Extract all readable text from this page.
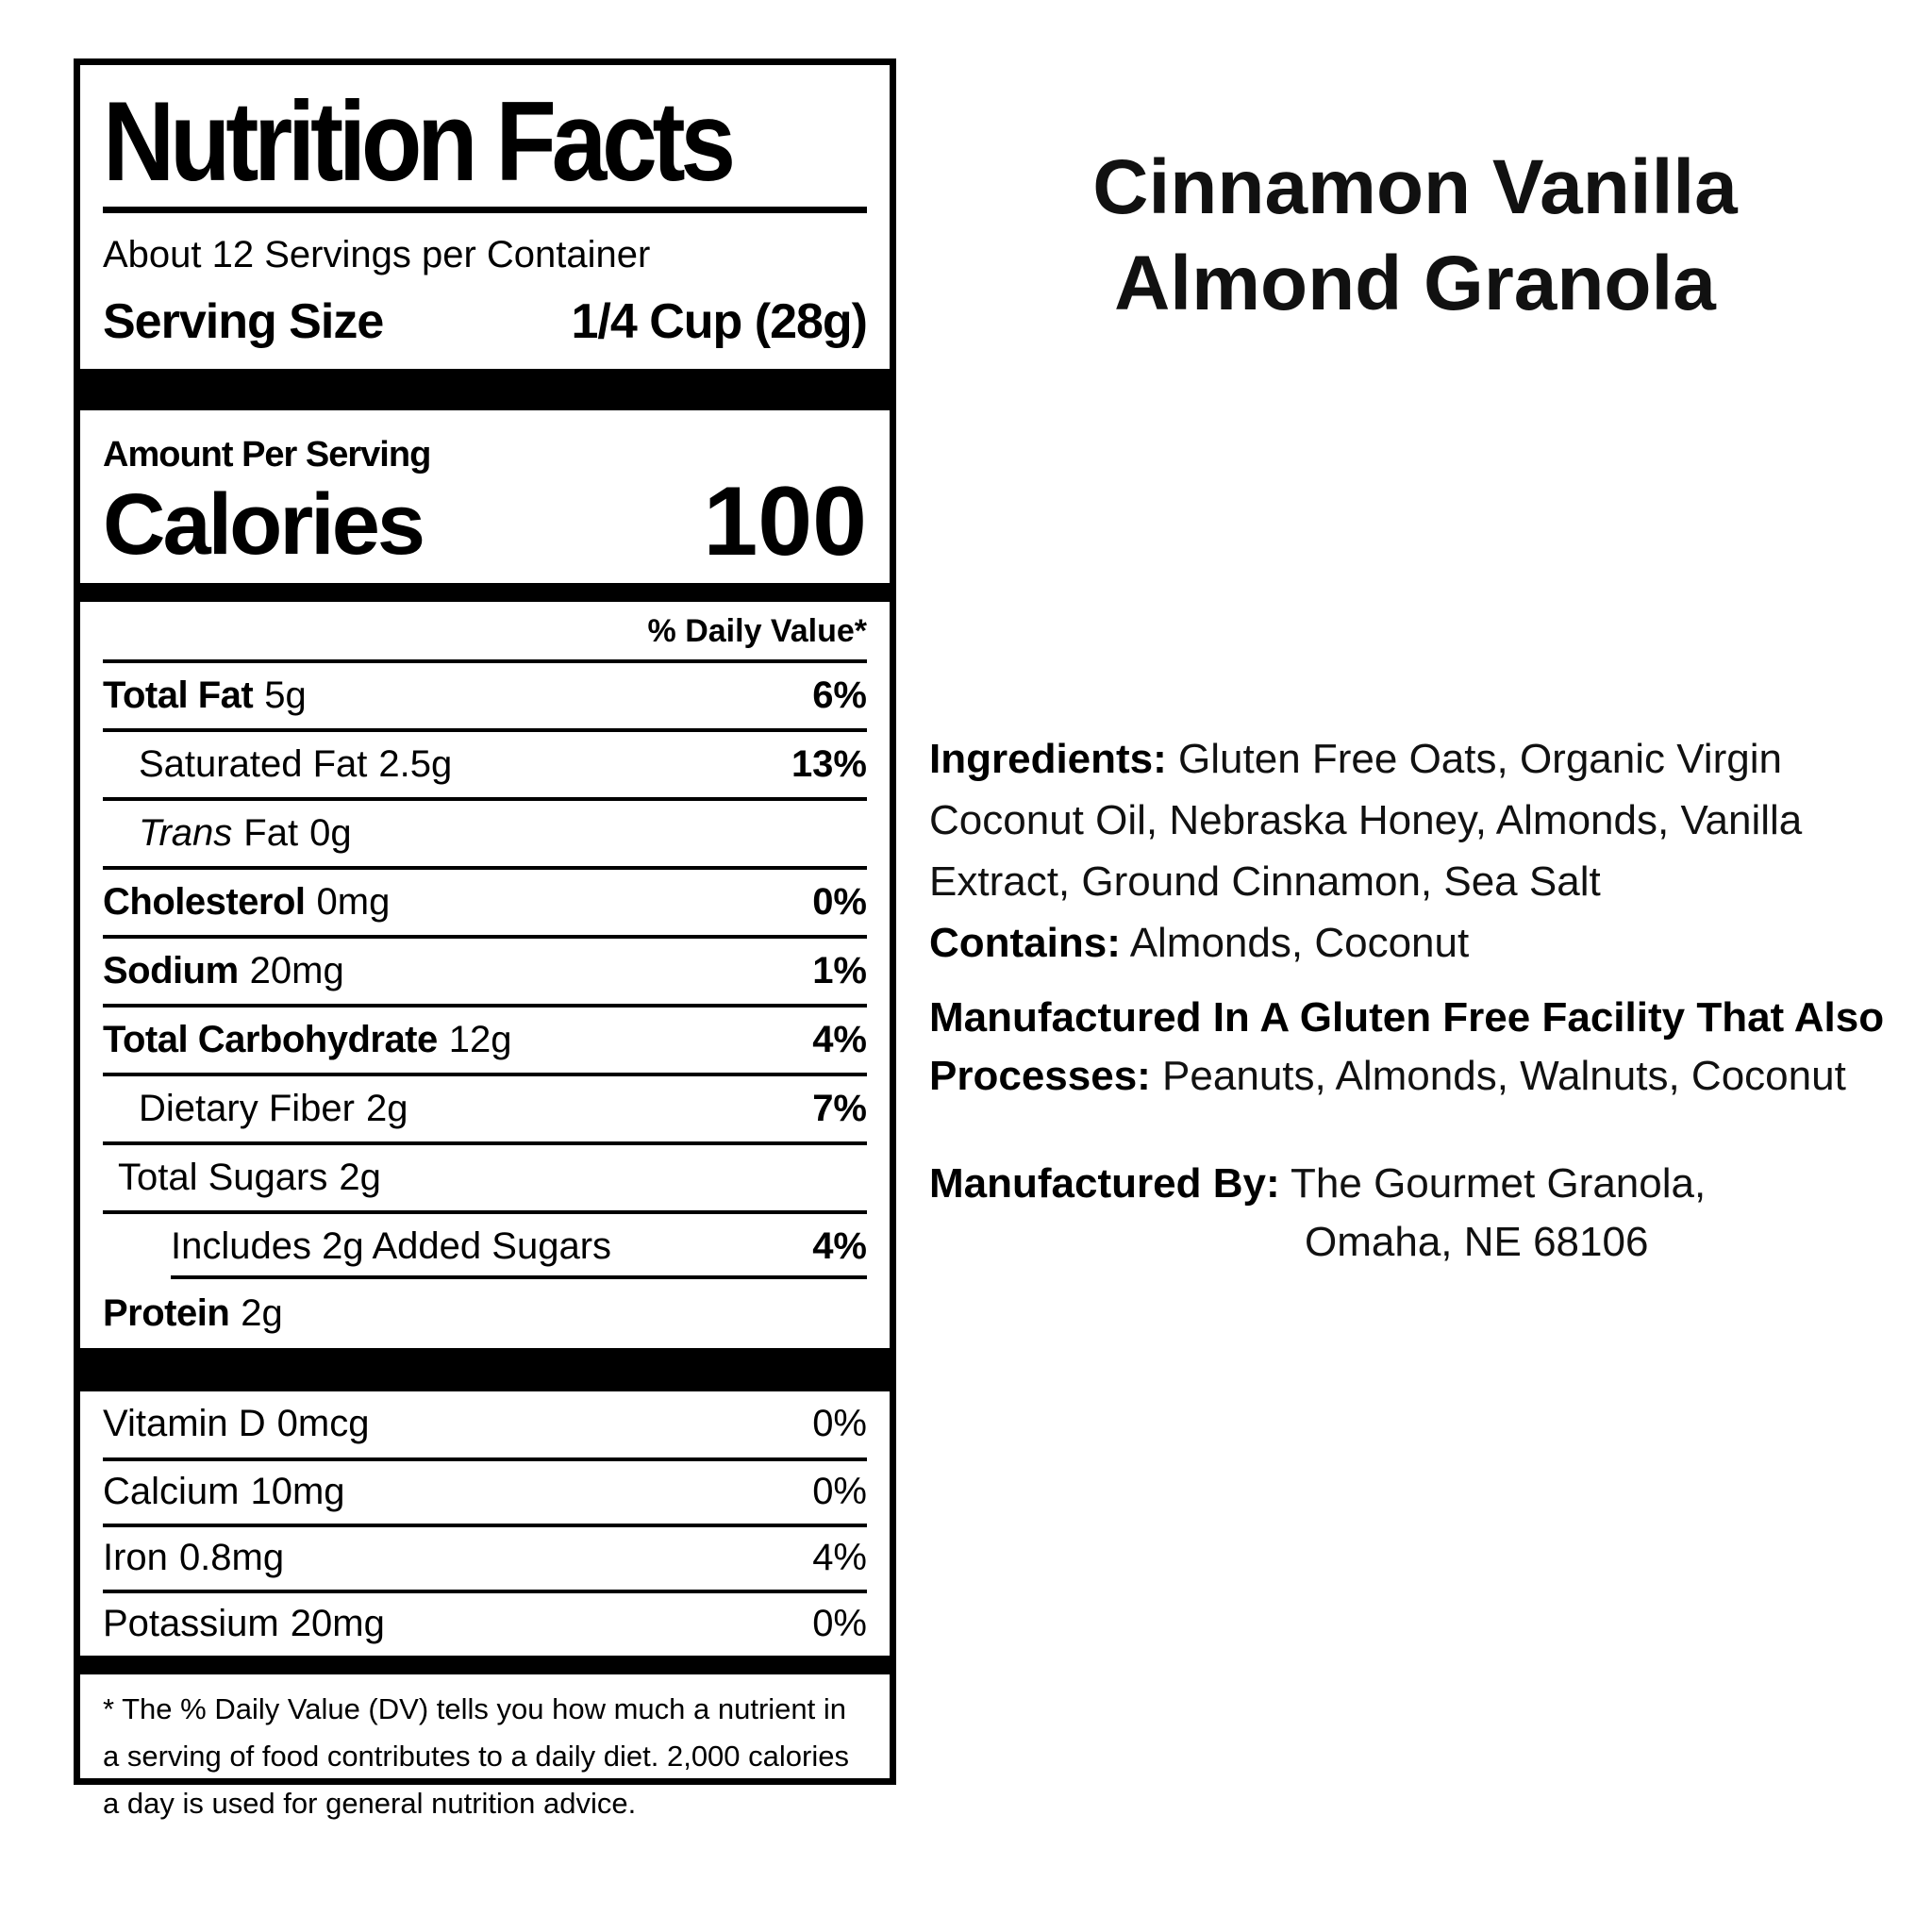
Nutrition Facts
About 12 Servings per Container
Serving Size	1/4 Cup (28g)
Amount Per Serving
Calories	100
% Daily Value*
Total Fat 5g	6%
Saturated Fat 2.5g	13%
Trans Fat 0g
Cholesterol 0mg	0%
Sodium 20mg	1%
Total Carbohydrate 12g	4%
Dietary Fiber 2g	7%
Total Sugars 2g
Includes 2g Added Sugars	4%
Protein 2g
Vitamin D 0mcg	0%
Calcium 10mg	0%
Iron 0.8mg	4%
Potassium 20mg	0%
* The % Daily Value (DV) tells you how much a nutrient in a serving of food contributes to a daily diet. 2,000 calories a day is used for general nutrition advice.
Cinnamon Vanilla
Almond Granola
Ingredients: Gluten Free Oats, Organic Virgin
Coconut Oil, Nebraska Honey, Almonds, Vanilla
Extract, Ground Cinnamon, Sea Salt
Contains: Almonds, Coconut
Manufactured In A Gluten Free Facility That Also
Processes: Peanuts, Almonds, Walnuts, Coconut
Manufactured By: The Gourmet Granola,
Omaha, NE 68106
